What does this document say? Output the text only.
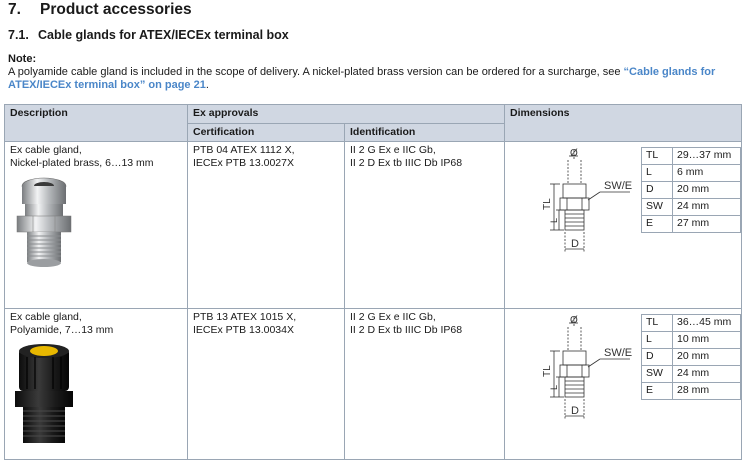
7. Product accessories
7.1. Cable glands for ATEX/IECEx terminal box
Note:
A polyamide cable gland is included in the scope of delivery. A nickel-plated brass version can be ordered for a surcharge, see “Cable glands for ATEX/IECEx terminal box” on page 21.
Description	Ex approvals	Dimensions
Certification	Identification

Ex cable gland,
Nickel-plated brass, 6…13 mm

PTB 04 ATEX 1112 X,
IECEx PTB 13.0027X

II 2 G Ex e IIC Gb,
II 2 D Ex tb IIIC Db IP68

Ø
SW/E
TL
L
D
TL	29…37 mm
L	6 mm
D	20 mm
SW	24 mm
E	27 mm

Ex cable gland,
Polyamide, 7…13 mm

PTB 13 ATEX 1015 X,
IECEx PTB 13.0034X

II 2 G Ex e IIC Gb,
II 2 D Ex tb IIIC Db IP68

Ø
SW/E
TL
L
D
TL	36…45 mm
L	10 mm
D	20 mm
SW	24 mm
E	28 mm
